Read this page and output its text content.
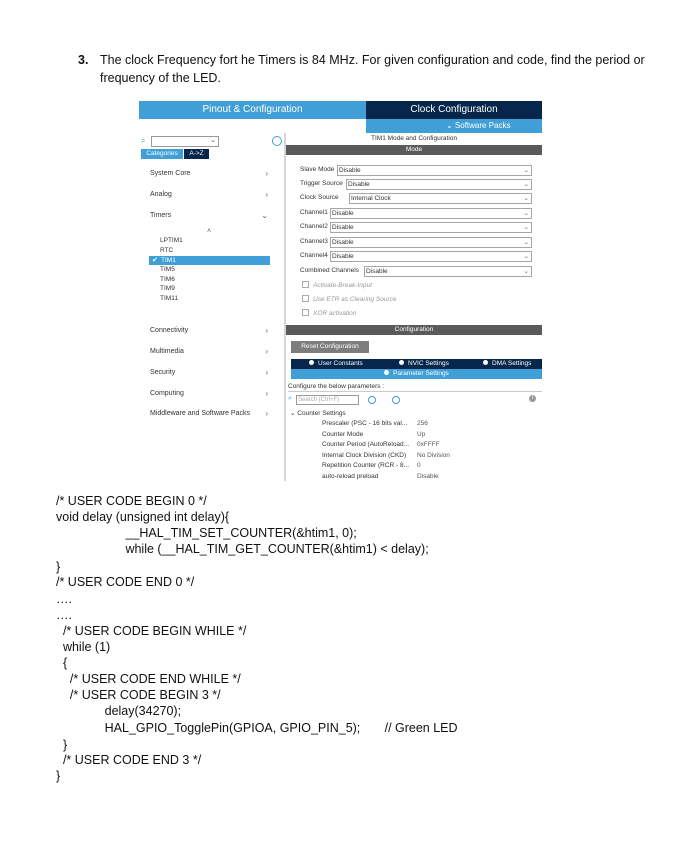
3. The clock Frequency fort he Timers is 84 MHz. For given configuration and code, find the period or frequency of the LED.
Pinout & Configuration	Clock Configuration
⌄ Software Packs
⌕	⌄
Categories	A->Z
System Core	›
Analog	›
Timers	⌄
˄
LPTIM1
RTC
✔ TIM1
TIM5
TIM6
TIM9
TIM11
Connectivity	›
Multimedia	›
Security	›
Computing	›
Middleware and Software Packs ›
TIM1 Mode and Configuration
Mode
Slave Mode Disable	⌄
Trigger Source Disable	⌄
Clock Source	Internal Clock	⌄
Channel1 Disable	⌄
Channel2 Disable	⌄
Channel3 Disable	⌄
Channel4 Disable	⌄
Combined Channels	Disable	⌄
Activate-Break-Input
Use ETR as Clearing Source
XOR activation
Configuration
Reset Configuration
User Constants	NVIC Settings	DMA Settings
Parameter Settings
Configure the below parameters :
⌕	Search (Ctrl+F)	i
⌄ Counter Settings
Prescaler (PSC - 16 bits val... 256
Counter Mode	Up
Counter Period (AutoReload... 0xFFFF
Internal Clock Division (CKD) No Division
Repetition Counter (RCR - 8... 0
auto-reload preload	Disable
/* USER CODE BEGIN 0 */
void delay (unsigned int delay){
__HAL_TIM_SET_COUNTER(&htim1, 0);
while (__HAL_TIM_GET_COUNTER(&htim1) < delay);
}
/* USER CODE END 0 */
….
….
/* USER CODE BEGIN WHILE */
while (1)
{
/* USER CODE END WHILE */
/* USER CODE BEGIN 3 */
delay(34270);
HAL_GPIO_TogglePin(GPIOA, GPIO_PIN_5);       // Green LED
}
/* USER CODE END 3 */
}
